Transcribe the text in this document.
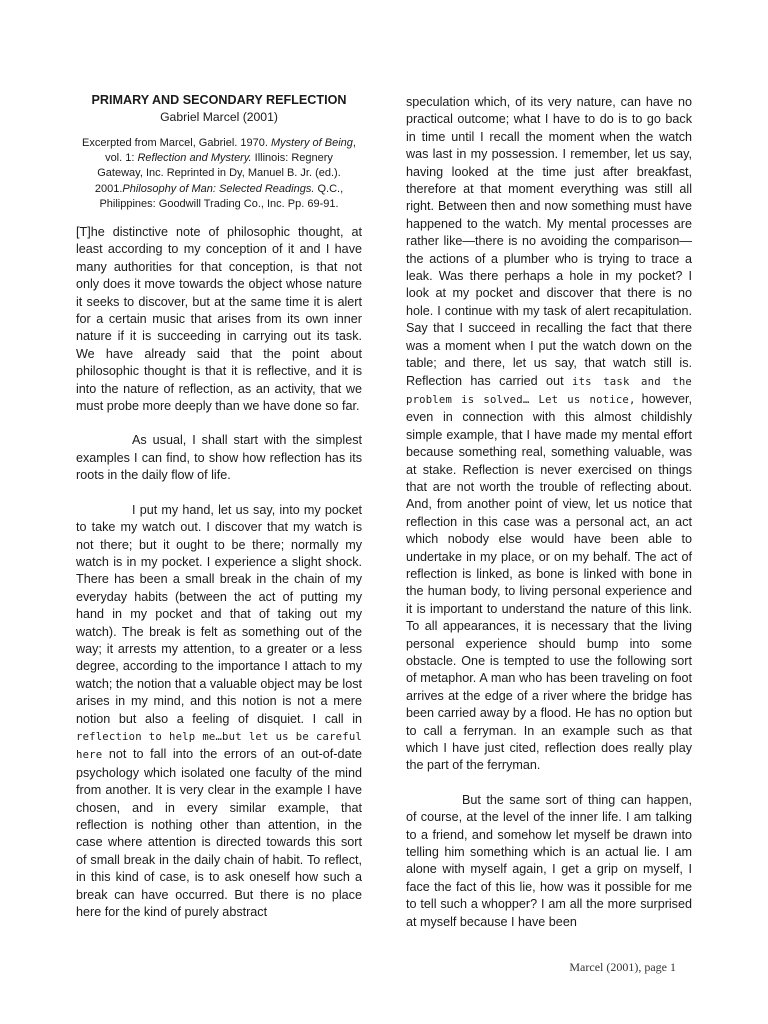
PRIMARY AND SECONDARY REFLECTION

Gabriel Marcel (2001)

Excerpted from Marcel, Gabriel. 1970. Mystery of Being, vol. 1: Reflection and Mystery. Illinois: Regnery Gateway, Inc. Reprinted in Dy, Manuel B. Jr. (ed.). 2001.Philosophy of Man: Selected Readings. Q.C., Philippines: Goodwill Trading Co., Inc. Pp. 69-91.

[T]he distinctive note of philosophic thought, at least according to my conception of it and I have many authorities for that conception, is that not only does it move towards the object whose nature it seeks to discover, but at the same time it is alert for a certain music that arises from its own inner nature if it is succeeding in carrying out its task. We have already said that the point about philosophic thought is that it is reflective, and it is into the nature of reflection, as an activity, that we must probe more deeply than we have done so far.

As usual, I shall start with the simplest examples I can find, to show how reflection has its roots in the daily flow of life.

I put my hand, let us say, into my pocket to take my watch out. I discover that my watch is not there; but it ought to be there; normally my watch is in my pocket. I experience a slight shock. There has been a small break in the chain of my everyday habits (between the act of putting my hand in my pocket and that of taking out my watch). The break is felt as something out of the way; it arrests my attention, to a greater or a less degree, according to the importance I attach to my watch; the notion that a valuable object may be lost arises in my mind, and this notion is not a mere notion but also a feeling of disquiet. I call in reflection to help me…but let us be careful here not to fall into the errors of an out-of-date psychology which isolated one faculty of the mind from another. It is very clear in the example I have chosen, and in every similar example, that reflection is nothing other than attention, in the case where attention is directed towards this sort of small break in the daily chain of habit. To reflect, in this kind of case, is to ask oneself how such a break can have occurred. But there is no place here for the kind of purely abstract

speculation which, of its very nature, can have no practical outcome; what I have to do is to go back in time until I recall the moment when the watch was last in my possession. I remember, let us say, having looked at the time just after breakfast, therefore at that moment everything was still all right. Between then and now something must have happened to the watch. My mental processes are rather like—there is no avoiding the comparison—the actions of a plumber who is trying to trace a leak. Was there perhaps a hole in my pocket? I look at my pocket and discover that there is no hole. I continue with my task of alert recapitulation. Say that I succeed in recalling the fact that there was a moment when I put the watch down on the table; and there, let us say, that watch still is. Reflection has carried out its task and the problem is solved… Let us notice, however, even in connection with this almost childishly simple example, that I have made my mental effort because something real, something valuable, was at stake. Reflection is never exercised on things that are not worth the trouble of reflecting about. And, from another point of view, let us notice that reflection in this case was a personal act, an act which nobody else would have been able to undertake in my place, or on my behalf. The act of reflection is linked, as bone is linked with bone in the human body, to living personal experience and it is important to understand the nature of this link. To all appearances, it is necessary that the living personal experience should bump into some obstacle. One is tempted to use the following sort of metaphor. A man who has been traveling on foot arrives at the edge of a river where the bridge has been carried away by a flood. He has no option but to call a ferryman. In an example such as that which I have just cited, reflection does really play the part of the ferryman.

But the same sort of thing can happen, of course, at the level of the inner life. I am talking to a friend, and somehow let myself be drawn into telling him something which is an actual lie. I am alone with myself again, I get a grip on myself, I face the fact of this lie, how was it possible for me to tell such a whopper? I am all the more surprised at myself because I have been

Marcel (2001), page 1
